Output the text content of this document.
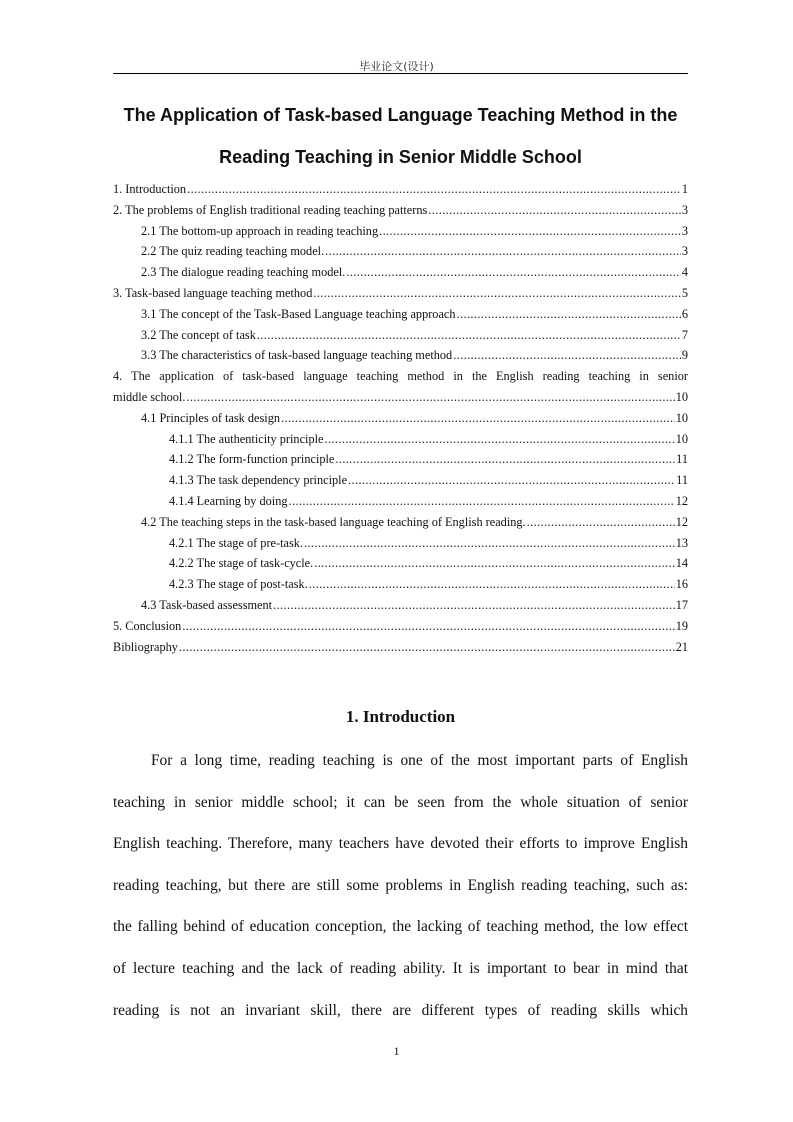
毕业论文(设计)
The Application of Task-based Language Teaching Method in the
Reading Teaching in Senior Middle School
1. Introduction .....	1
2. The problems of English traditional reading teaching patterns .....	3
2.1 The bottom-up approach in reading teaching .....	3
2.2 The quiz reading teaching model. .....	3
2.3 The dialogue reading teaching model. .....	4
3. Task-based language teaching method .....	5
3.1 The concept of the Task-Based Language teaching approach .....	6
3.2 The concept of task .....	7
3.3 The characteristics of task-based language teaching method .....	9
4. The application of task-based language teaching method in the English reading teaching in senior
middle school. .....	10
4.1 Principles of task design .....	10
4.1.1 The authenticity principle .....	10
4.1.2 The form-function principle .....	11
4.1.3 The task dependency principle .....	11
4.1.4 Learning by doing .....	12
4.2 The teaching steps in the task-based language teaching of English reading. .....	12
4.2.1 The stage of pre-task. .....	13
4.2.2 The stage of task-cycle. .....	14
4.2.3 The stage of post-task. .....	16
4.3 Task-based assessment .....	17
5. Conclusion .....	19
Bibliography .....	21
1. Introduction
For a long time, reading teaching is one of the most important parts of English
teaching in senior middle school; it can be seen from the whole situation of senior
English teaching. Therefore, many teachers have devoted their efforts to improve English
reading teaching, but there are still some problems in English reading teaching, such as:
the falling behind of education conception, the lacking of teaching method, the low effect
of lecture teaching and the lack of reading ability. It is important to bear in mind that
reading is not an invariant skill, there are different types of reading skills which
1
